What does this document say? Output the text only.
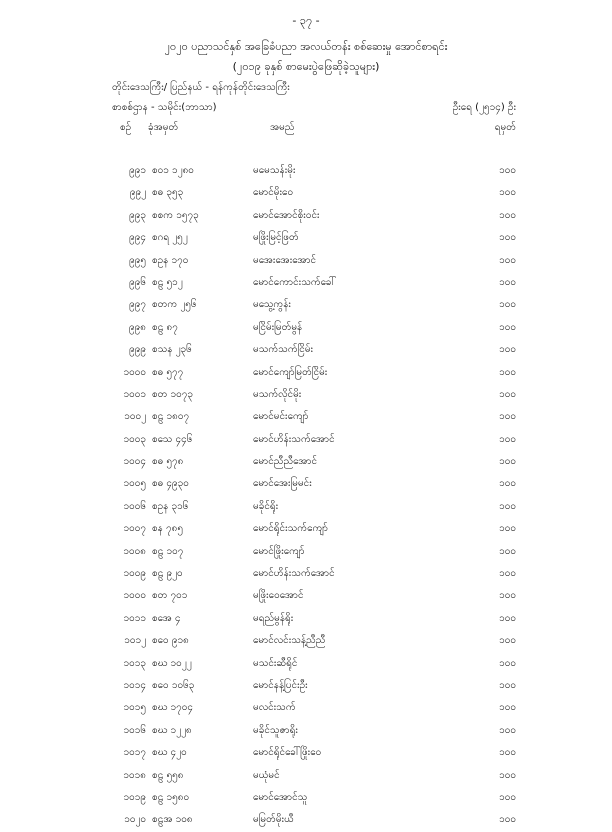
- ၃၇ -
၂၀၂၀ ပညာသင်နှစ် အခြေခံပညာ အလယ်တန်း စစ်ဆေးမှု အောင်စာရင်း
(၂၀၁၉ ခုနှစ် စာမေးပွဲဖြေဆိုခဲ့သူများ)
တိုင်းဒေသကြီး/ ပြည်နယ် - ရန်ကုန်တိုင်းဒေသကြီး
စာစစ်ဌာန - သမိုင်း(ဘာသာ)	ဦးရေ (၂၅၁၄) ဦး
စဉ် ခုံအမှတ်	အမည်	ရမှတ်
၉၉၁ စဝ၁ ၁၂၈၀	မမေသန်းမိုး	၁၀၀
၉၉၂ စဓ ၃၅၃	မောင်မိုးဝေ	၁၀၀
၉၉၃ စစက ၁၅၇၃	မောင်အောင်စိုးဝင်း	၁၀၀
၉၉၄ စဂရ ၂၅၂	မဖြိုးမြင့်ဖြတ်	၁၀၀
၉၉၅ စဥန ၁၇၀	မအေးအေးအောင်	၁၀၀
၉၉၆ စဠ ၅၁၂	မောင်ကောင်းသက်ခေါ်	၁၀၀
၉၉၇ စတက ၂၅၆	မသွေ့ကွန်း	၁၀၀
၉၉၈ စဠ ၈၇	မငြိမ်းမြတ်မွန်	၁၀၀
၉၉၉ စသန ၂၃၆	မသက်သက်ငြိမ်း	၁၀၀
၁၀၀၀ စဓ ၅၇၇	မောင်ကျော်မြတ်ငြိမ်း	၁၀၀
၁၀၀၁ စတ ၁၀၇၃	မသက်လိုင်မိုး	၁၀၀
၁၀၀၂ စဠ ၁၈၀၇	မောင်မင်းကျော်	၁၀၀
၁၀၀၃ စသေ ၄၄၆	မောင်ဟိန်းသက်အောင်	၁၀၀
၁၀၀၄ စဓ ၅၇၈	မောင်ညီညီအောင်	၁၀၀
၁၀၀၅ စဓ ၄၉၃၀	မောင်အေးမြမင်း	၁၀၀
၁၀၀၆ စဥန ၃၁၆	မခိုင်ရိုး	၁၀၀
၁၀၀၇ စန ၇၈၅	မောင်ရိုင်းသက်ကျော်	၁၀၀
၁၀၀၈ စဠ ၁၀၇	မောင်ဖြိုးကျော်	၁၀၀
၁၀၀၉ စဠ ၉၂၀	မောင်ဟိန်းသက်အောင်	၁၀၀
၁၀၀၀ စတ ၇၀၁	မဖြိုးဝေအောင်	၁၀၀
၁၀၁၁ စအေ ၄	မရည်မွန်ရိုး	၁၀၀
၁၀၁၂ စဝေ ၉၁၈	မောင်လင်းသန့်ညီညီ	၁၀၀
၁၀၁၃ စဃ ၁၀၂၂	မသင်းဆီရိုင်	၁၀၀
၁၀၁၄ စဝေ ၁၀၆၃	မောင်နန့်ပြင်းဦး	၁၀၀
၁၀၁၅ စဃ ၁၇၀၄	မလင်းသက်	၁၀၀
၁၀၁၆ စဃ ၁၂၂၈	မခိုင်သူဇာရိုး	၁၀၀
၁၀၁၇ စဃ ၄၂၀	မောင်ရိုင်ခေါ်ဖြိုးဝေ	၁၀၀
၁၀၁၈ စဠ ၅၅၈	မယုံမင်	၁၀၀
၁၀၁၉ စဠ ၁၅၈၀	မောင်အောင်သူ	၁၀၀
၁၀၂၀ စဠအ ၁၀၈	မမြတ်မိုးယီ	၁၀၀
